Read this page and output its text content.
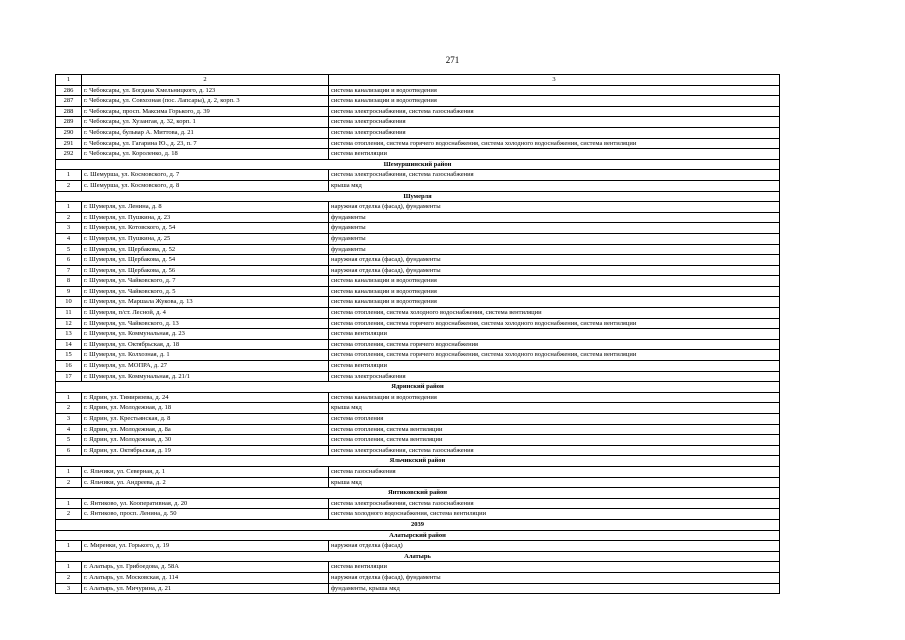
271
1	2	3
286	г. Чебоксары, ул. Богдана Хмельницкого, д. 123	система канализации и водоотведения
287	г. Чебоксары, ул. Совхозная (пос. Лапсары), д. 2, корп. 3	система канализации и водоотведения
288	г. Чебоксары, просп. Максима Горького, д. 39	система электроснабжения, система газоснабжения
289	г. Чебоксары, ул. Хузангая, д. 32, корп. 1	система электроснабжения
290	г. Чебоксары, бульвар А. Миттова, д. 21	система электроснабжения
291	г. Чебоксары, ул. Гагарина Ю., д. 23, п. 7	система отопления, система горячего водоснабжения, система холодного водоснабжения, система вентиляции
292	г. Чебоксары, ул. Короленко, д. 18	система вентиляции
Шемуршинский район		
1	с. Шемурша, ул. Космовского, д. 7	система электроснабжения, система газоснабжения
2	с. Шемурша, ул. Космовского, д. 8	крыша мкд
Шумерля		
1	г. Шумерля, ул. Ленина, д. 8	наружная отделка (фасад), фундаменты
2	г. Шумерля, ул. Пушкина, д. 23	фундаменты
3	г. Шумерля, ул. Котовского, д. 54	фундаменты
4	г. Шумерля, ул. Пушкина, д. 25	фундаменты
5	г. Шумерля, ул. Щербакова, д. 52	фундаменты
6	г. Шумерля, ул. Щербакова, д. 54	наружная отделка (фасад), фундаменты
7	г. Шумерля, ул. Щербакова, д. 56	наружная отделка (фасад), фундаменты
8	г. Шумерля, ул. Чайковского, д. 7	система канализации и водоотведения
9	г. Шумерля, ул. Чайковского, д. 5	система канализации и водоотведения
10	г. Шумерля, ул. Маршала Жукова, д. 13	система канализации и водоотведения
11	г. Шумерля, п/ст. Лесной, д. 4	система отопления, система холодного водоснабжения, система вентиляции
12	г. Шумерля, ул. Чайковского, д. 13	система отопления, система горячего водоснабжения, система холодного водоснабжения, система вентиляции
13	г. Шумерля, ул. Коммунальная, д. 23	система вентиляции
14	г. Шумерля, ул. Октябрьская, д. 18	система отопления, система горячего водоснабжения
15	г. Шумерля, ул. Колхозная, д. 1	система отопления, система горячего водоснабжения, система холодного водоснабжения, система вентиляции
16	г. Шумерля, ул. МОПРА, д. 27	система вентиляции
17	г. Шумерля, ул. Коммунальная, д. 21/1	система электроснабжения
Ядринский район		
1	г. Ядрин, ул. Тимирязева, д. 24	система канализации и водоотведения
2	г. Ядрин, ул. Молодежная, д. 18	крыша мкд
3	г. Ядрин, ул. Крестьянская, д. 8	система отопления
4	г. Ядрин, ул. Молодежная, д. 8а	система отопления, система вентиляции
5	г. Ядрин, ул. Молодежная, д. 30	система отопления, система вентиляции
6	г. Ядрин, ул. Октябрьская, д. 19	система электроснабжения, система газоснабжения
Яльчикский район		
1	с. Яльчики, ул. Северная, д. 1	система газоснабжения
2	с. Яльчики, ул. Андреева, д. 2	крыша мкд
Янтиковский район		
1	с. Янтиково, ул. Кооперативная, д. 20	система электроснабжения, система газоснабжения
2	с. Янтиково, просп. Ленина, д. 50	система холодного водоснабжения, система вентиляции
2039		
Алатырский район		
1	с. Миренки, ул. Горького, д. 19	наружная отделка (фасад)
Алатырь		
1	г. Алатырь, ул. Грибоедова, д. 58А	система вентиляции
2	г. Алатырь, ул. Московская, д. 114	наружная отделка (фасад), фундаменты
3	г. Алатырь, ул. Мичурина, д. 21	фундаменты, крыша мкд
